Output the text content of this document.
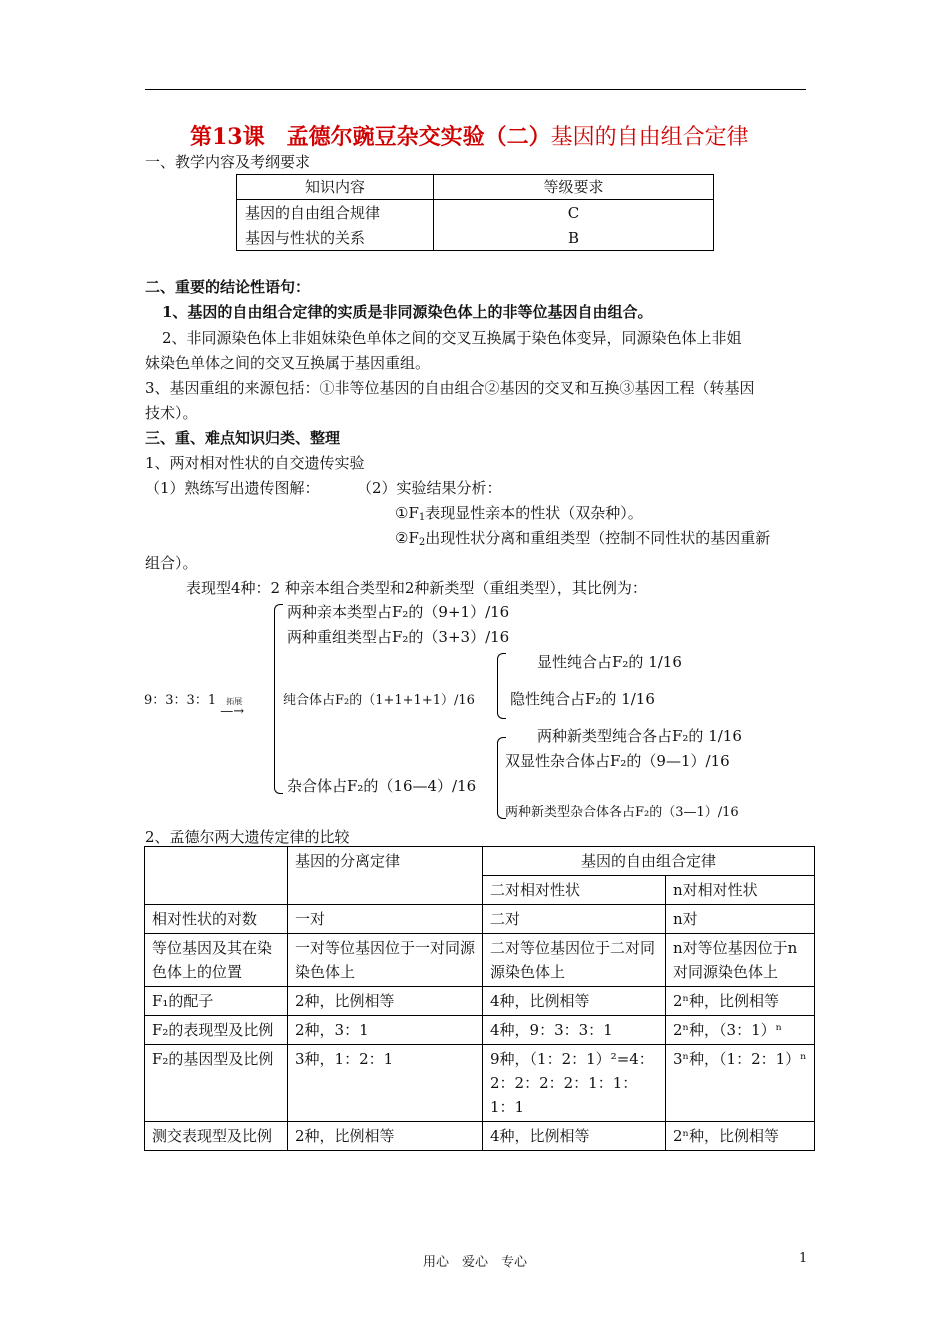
第13课　孟德尔豌豆杂交实验（二）基因的自由组合定律
一、教学内容及考纲要求
知识内容	等级要求
基因的自由组合规律	C
基因与性状的关系	B
二、重要的结论性语句：
1、基因的自由组合定律的实质是非同源染色体上的非等位基因自由组合。
2、非同源染色体上非姐妹染色单体之间的交叉互换属于染色体变异，同源染色体上非姐
妹染色单体之间的交叉互换属于基因重组。
3、基因重组的来源包括：①非等位基因的自由组合②基因的交叉和互换③基因工程（转基因
技术）。
三、重、难点知识归类、整理
1、两对相对性状的自交遗传实验
（1）熟练写出遗传图解： （2）实验结果分析：
$①F_1$表现显性亲本的性状（双杂种）。
$②F_2$出现性状分离和重组类型（控制不同性状的基因重新
组合）。
表现型4种：2 种亲本组合类型和2种新类型（重组类型），其比例为：
9：3：3：1 拓展
—→
两种亲本类型占F₂的（9+1）/16
两种重组类型占F₂的（3+3）/16
纯合体占F₂的（1+1+1+1）/16
显性纯合占F₂的 1/16
隐性纯合占F₂的 1/16
两种新类型纯合各占F₂的 1/16
双显性杂合体占F₂的（9—1）/16
杂合体占F₂的（16—4）/16
两种新类型杂合体各占F₂的（3—1）/16
2、孟德尔两大遗传定律的比较
	基因的分离定律	基因的自由组合定律	
		二对相对性状	n对相对性状
相对性状的对数	一对	二对	n对
等位基因及其在染色体上的位置	一对等位基因位于一对同源染色体上	二对等位基因位于二对同源染色体上	n对等位基因位于n对同源染色体上
F₁的配子	2种，比例相等	4种，比例相等	2ⁿ种，比例相等
F₂的表现型及比例	2种，3：1	4种，9：3：3：1	2ⁿ种，（3：1）ⁿ
F₂的基因型及比例	3种，1：2：1	9种，（1：2：1）²=4：2：2：2：2：1：1：1：1	3ⁿ种，（1：2：1）ⁿ
测交表现型及比例	2种，比例相等	4种，比例相等	2ⁿ种，比例相等
用心　爱心　专心	1
